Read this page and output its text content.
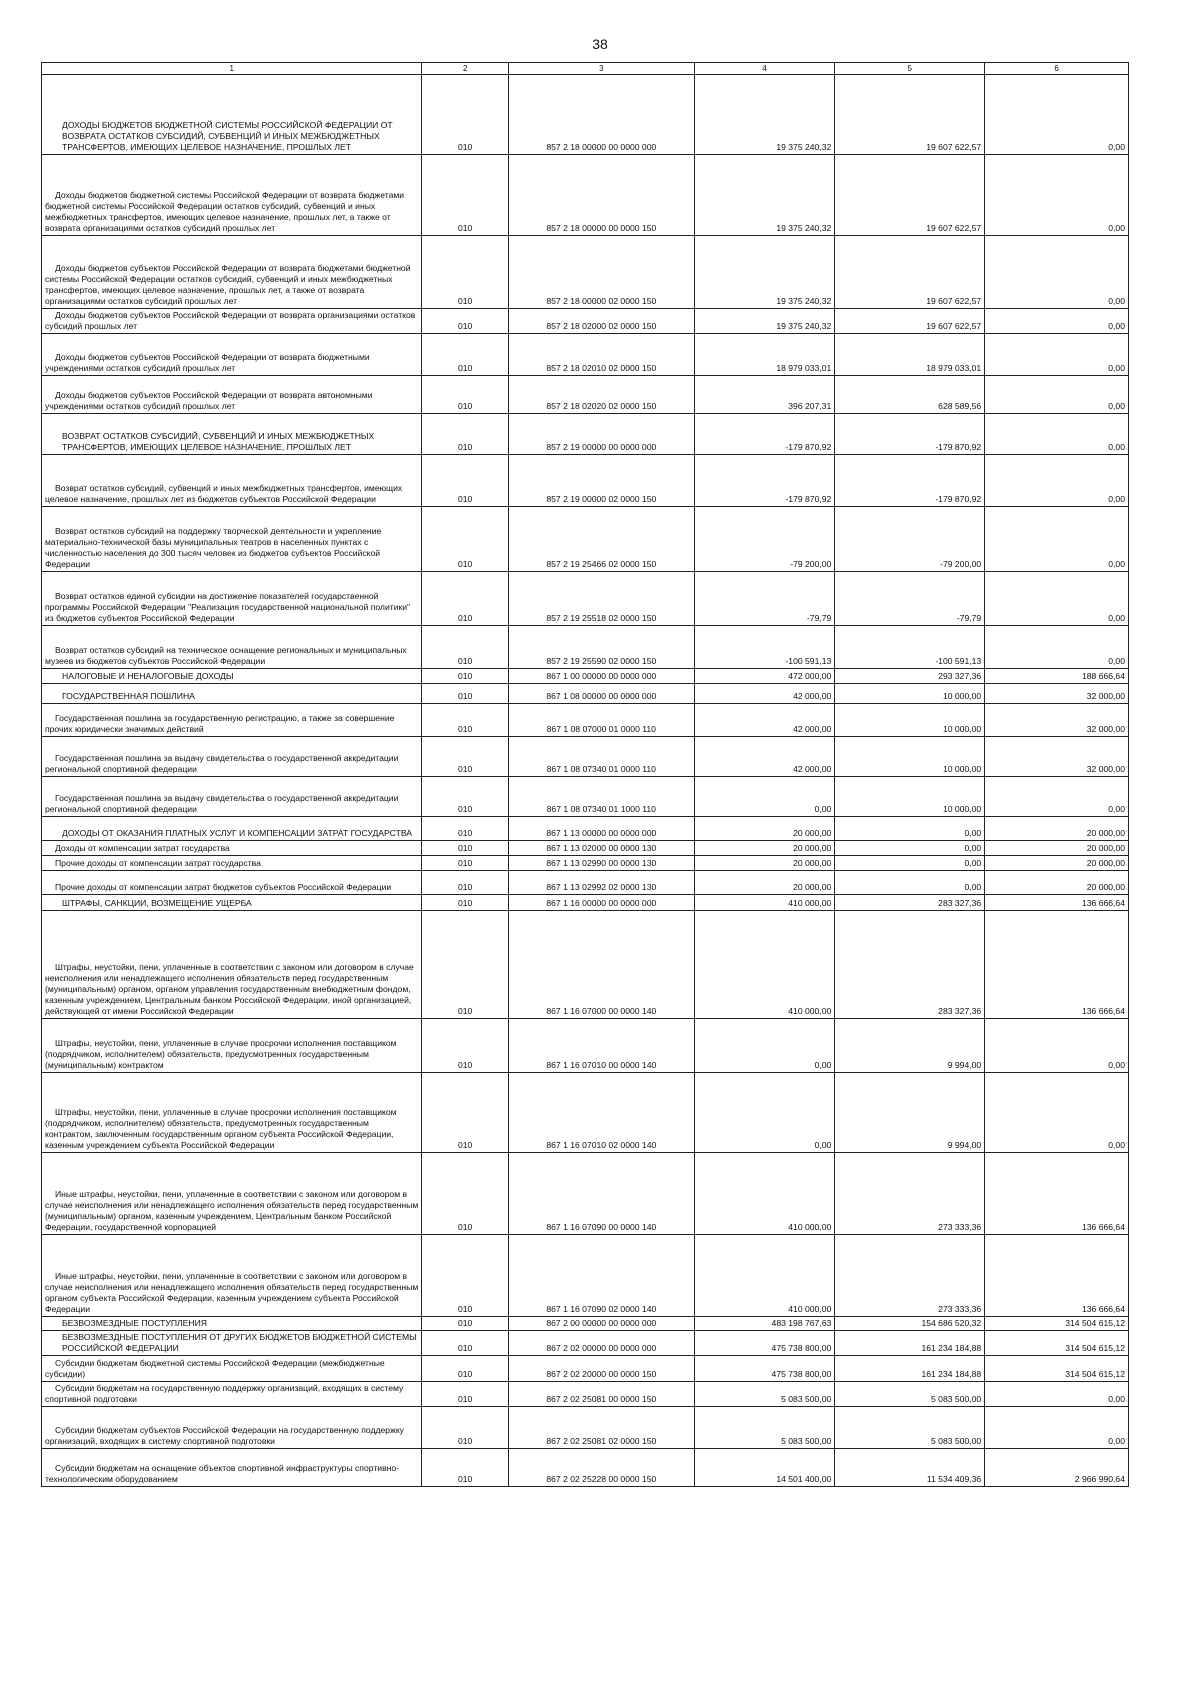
38
1	2	3	4	5	6
ДОХОДЫ БЮДЖЕТОВ БЮДЖЕТНОЙ СИСТЕМЫ РОССИЙСКОЙ ФЕДЕРАЦИИ ОТ ВОЗВРАТА ОСТАТКОВ СУБСИДИЙ, СУБВЕНЦИЙ И ИНЫХ МЕЖБЮДЖЕТНЫХ ТРАНСФЕРТОВ, ИМЕЮЩИХ ЦЕЛЕВОЕ НАЗНАЧЕНИЕ, ПРОШЛЫХ ЛЕТ	010	857 2 18 00000 00 0000 000	19 375 240,32	19 607 622,57	0,00
Доходы бюджетов бюджетной системы Российской Федерации от возврата бюджетами бюджетной системы Российской Федерации остатков субсидий, субвенций и иных межбюджетных трансфертов, имеющих целевое назначение, прошлых лет, а также от возврата организациями остатков субсидий прошлых лет	010	857 2 18 00000 00 0000 150	19 375 240,32	19 607 622,57	0,00
Доходы бюджетов субъектов Российской Федерации от возврата бюджетами бюджетной системы Российской Федерации остатков субсидий, субвенций и иных межбюджетных трансфертов, имеющих целевое назначение, прошлых лет, а также от возврата организациями остатков субсидий прошлых лет	010	857 2 18 00000 02 0000 150	19 375 240,32	19 607 622,57	0,00
Доходы бюджетов субъектов Российской Федерации от возврата организациями остатков субсидий прошлых лет	010	857 2 18 02000 02 0000 150	19 375 240,32	19 607 622,57	0,00
Доходы бюджетов субъектов Российской Федерации от возврата бюджетными учреждениями остатков субсидий прошлых лет	010	857 2 18 02010 02 0000 150	18 979 033,01	18 979 033,01	0,00
Доходы бюджетов субъектов Российской Федерации от возврата автономными учреждениями остатков субсидий прошлых лет	010	857 2 18 02020 02 0000 150	396 207,31	628 589,56	0,00
ВОЗВРАТ ОСТАТКОВ СУБСИДИЙ, СУБВЕНЦИЙ И ИНЫХ МЕЖБЮДЖЕТНЫХ ТРАНСФЕРТОВ, ИМЕЮЩИХ ЦЕЛЕВОЕ НАЗНАЧЕНИЕ, ПРОШЛЫХ ЛЕТ	010	857 2 19 00000 00 0000 000	-179 870,92	-179 870,92	0,00
Возврат остатков субсидий, субвенций и иных межбюджетных трансфертов, имеющих целевое назначение, прошлых лет из бюджетов субъектов Российской Федерации	010	857 2 19 00000 02 0000 150	-179 870,92	-179 870,92	0,00
Возврат остатков субсидий на поддержку творческой деятельности и укрепление материально-технической базы муниципальных театров в населенных пунктах с численностью населения до 300 тысяч человек из бюджетов субъектов Российской Федерации	010	857 2 19 25466 02 0000 150	-79 200,00	-79 200,00	0,00
Возврат остатков единой субсидии на достижение показателей государственной программы Российской Федерации "Реализация государственной национальной политики" из бюджетов субъектов Российской Федерации	010	857 2 19 25518 02 0000 150	-79,79	-79,79	0,00
Возврат остатков субсидий на техническое оснащение региональных и муниципальных музеев из бюджетов субъектов Российской Федерации	010	857 2 19 25590 02 0000 150	-100 591,13	-100 591,13	0,00
НАЛОГОВЫЕ И НЕНАЛОГОВЫЕ ДОХОДЫ	010	867 1 00 00000 00 0000 000	472 000,00	293 327,36	188 666,64
ГОСУДАРСТВЕННАЯ ПОШЛИНА	010	867 1 08 00000 00 0000 000	42 000,00	10 000,00	32 000,00
Государственная пошлина за государственную регистрацию, а также за совершение прочих юридически значимых действий	010	867 1 08 07000 01 0000 110	42 000,00	10 000,00	32 000,00
Государственная пошлина за выдачу свидетельства о государственной аккредитации региональной спортивной федерации	010	867 1 08 07340 01 0000 110	42 000,00	10 000,00	32 000,00
Государственная пошлина за выдачу свидетельства о государственной аккредитации региональной спортивной федерации	010	867 1 08 07340 01 1000 110	0,00	10 000,00	0,00
ДОХОДЫ ОТ ОКАЗАНИЯ ПЛАТНЫХ УСЛУГ И КОМПЕНСАЦИИ ЗАТРАТ ГОСУДАРСТВА	010	867 1 13 00000 00 0000 000	20 000,00	0,00	20 000,00
Доходы от компенсации затрат государства	010	867 1 13 02000 00 0000 130	20 000,00	0,00	20 000,00
Прочие доходы от компенсации затрат государства	010	867 1 13 02990 00 0000 130	20 000,00	0,00	20 000,00
Прочие доходы от компенсации затрат бюджетов субъектов Российской Федерации	010	867 1 13 02992 02 0000 130	20 000,00	0,00	20 000,00
ШТРАФЫ, САНКЦИИ, ВОЗМЕЩЕНИЕ УЩЕРБА	010	867 1 16 00000 00 0000 000	410 000,00	283 327,36	136 666,64
Штрафы, неустойки, пени, уплаченные в соответствии с законом или договором в случае неисполнения или ненадлежащего исполнения обязательств перед государственным (муниципальным) органом, органом управления государственным внебюджетным фондом, казенным учреждением, Центральным банком Российской Федерации, иной организацией, действующей от имени Российской Федерации	010	867 1 16 07000 00 0000 140	410 000,00	283 327,36	136 666,64
Штрафы, неустойки, пени, уплаченные в случае просрочки исполнения поставщиком (подрядчиком, исполнителем) обязательств, предусмотренных государственным (муниципальным) контрактом	010	867 1 16 07010 00 0000 140	0,00	9 994,00	0,00
Штрафы, неустойки, пени, уплаченные в случае просрочки исполнения поставщиком (подрядчиком, исполнителем) обязательств, предусмотренных государственным контрактом, заключенным государственным органом субъекта Российской Федерации, казенным учреждением субъекта Российской Федерации	010	867 1 16 07010 02 0000 140	0,00	9 994,00	0,00
Иные штрафы, неустойки, пени, уплаченные в соответствии с законом или договором в случае неисполнения или ненадлежащего исполнения обязательств перед государственным (муниципальным) органом, казенным учреждением, Центральным банком Российской Федерации, государственной корпорацией	010	867 1 16 07090 00 0000 140	410 000,00	273 333,36	136 666,64
Иные штрафы, неустойки, пени, уплаченные в соответствии с законом или договором в случае неисполнения или ненадлежащего исполнения обязательств перед государственным органом субъекта Российской Федерации, казенным учреждением субъекта Российской Федерации	010	867 1 16 07090 02 0000 140	410 000,00	273 333,36	136 666,64
БЕЗВОЗМЕЗДНЫЕ ПОСТУПЛЕНИЯ	010	867 2 00 00000 00 0000 000	483 198 767,63	154 686 520,32	314 504 615,12
БЕЗВОЗМЕЗДНЫЕ ПОСТУПЛЕНИЯ ОТ ДРУГИХ БЮДЖЕТОВ БЮДЖЕТНОЙ СИСТЕМЫ РОССИЙСКОЙ ФЕДЕРАЦИИ	010	867 2 02 00000 00 0000 000	475 738 800,00	161 234 184,88	314 504 615,12
Субсидии бюджетам бюджетной системы Российской Федерации (межбюджетные субсидии)	010	867 2 02 20000 00 0000 150	475 738 800,00	161 234 184,88	314 504 615,12
Субсидии бюджетам на государственную поддержку организаций, входящих в систему спортивной подготовки	010	867 2 02 25081 00 0000 150	5 083 500,00	5 083 500,00	0,00
Субсидии бюджетам субъектов Российской Федерации на государственную поддержку организаций, входящих в систему спортивной подготовки	010	867 2 02 25081 02 0000 150	5 083 500,00	5 083 500,00	0,00
Субсидии бюджетам на оснащение объектов спортивной инфраструктуры спортивно-технологическим оборудованием	010	867 2 02 25228 00 0000 150	14 501 400,00	11 534 409,36	2 966 990,64
